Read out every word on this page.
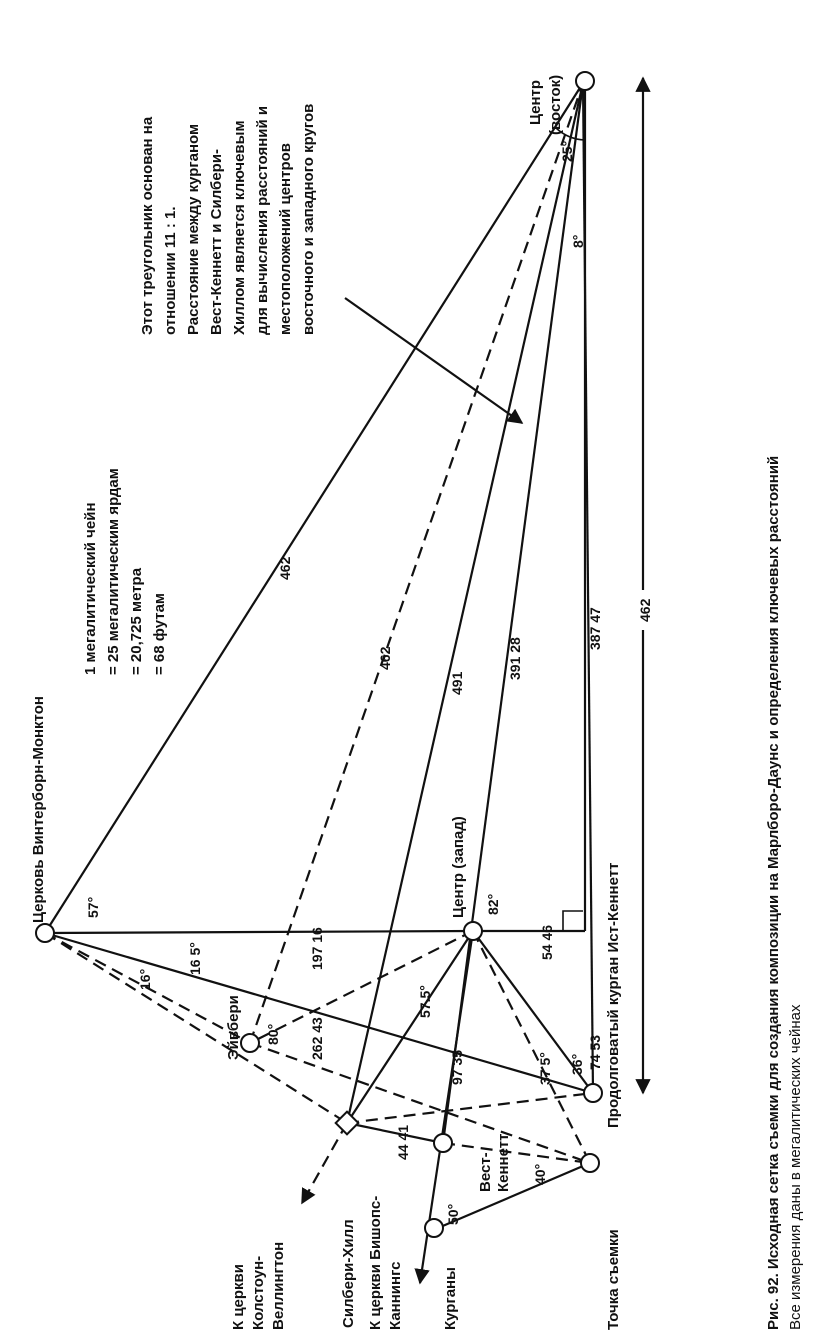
Церковь Винтерборн-Монктон	Центр (запад)
Центр (восток)
Эйвбери
Силбери-Хилл
Вест- Кеннетт
Продолговатый курган Ист-Кеннетт
Точка съемки
Курганы
К церкви Колстоун- Веллингтон	К церкви Бишопс- Каннингс
1 мегалитический чейн = 25 мегалитическим ярдам = 20,725 метра = 68 футам
Этот треугольник основан на отношении 11 : 1. Расстояние между курганом Вест-Кеннетт и Силбери- Хиллом является ключевым для вычисления расстояний и местоположений центров восточного и западного кругов
462
462
491
391 28
387 47 462
197 16
262 43
54 46
74 53
97 35
44 41
57°
16°
16 5°
80°
57.5°
82°
36°
37 5°
40°
50°
25°
8°
Рис. 92. Исходная сетка съемки для создания композиции на Марлборо-Даунс и определения ключевых расстояний Все измерения даны в мегалитических чейнах
